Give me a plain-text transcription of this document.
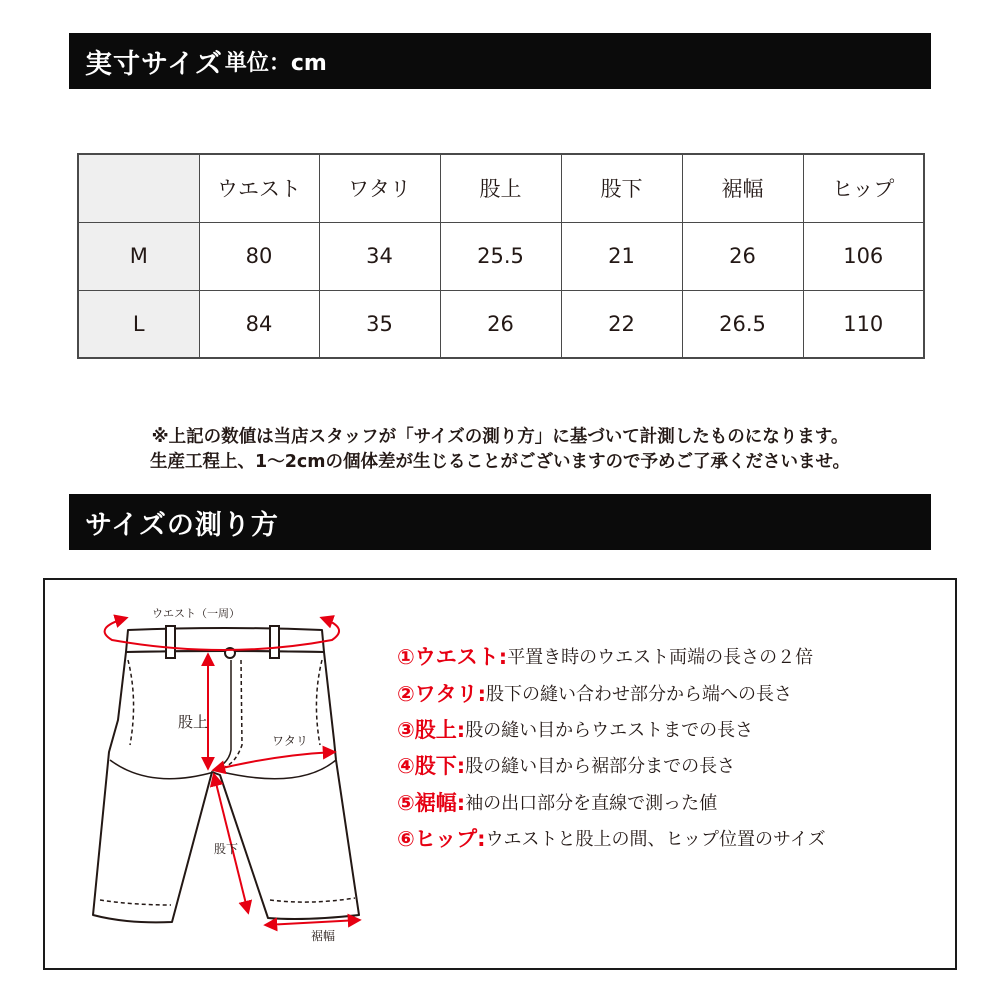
実寸サイズ 単位：cm
	ウエスト	ワタリ	股上	股下	裾幅	ヒップ
M	80	34	25.5	21	26	106
L	84	35	26	22	26.5	110
※上記の数値は当店スタッフが「サイズの測り方」に基づいて計測したものになります。
生産工程上、1〜2cmの個体差が生じることがございますので予めご了承くださいませ。
サイズの測り方
ウエスト（一周）
股上
ワタリ
股下
裾幅
①ウエスト: 平置き時のウエスト両端の長さの２倍
②ワタリ: 股下の縫い合わせ部分から端への長さ
③股上: 股の縫い目からウエストまでの長さ
④股下: 股の縫い目から裾部分までの長さ
⑤裾幅: 袖の出口部分を直線で測った値
⑥ヒップ: ウエストと股上の間、ヒップ位置のサイズ
